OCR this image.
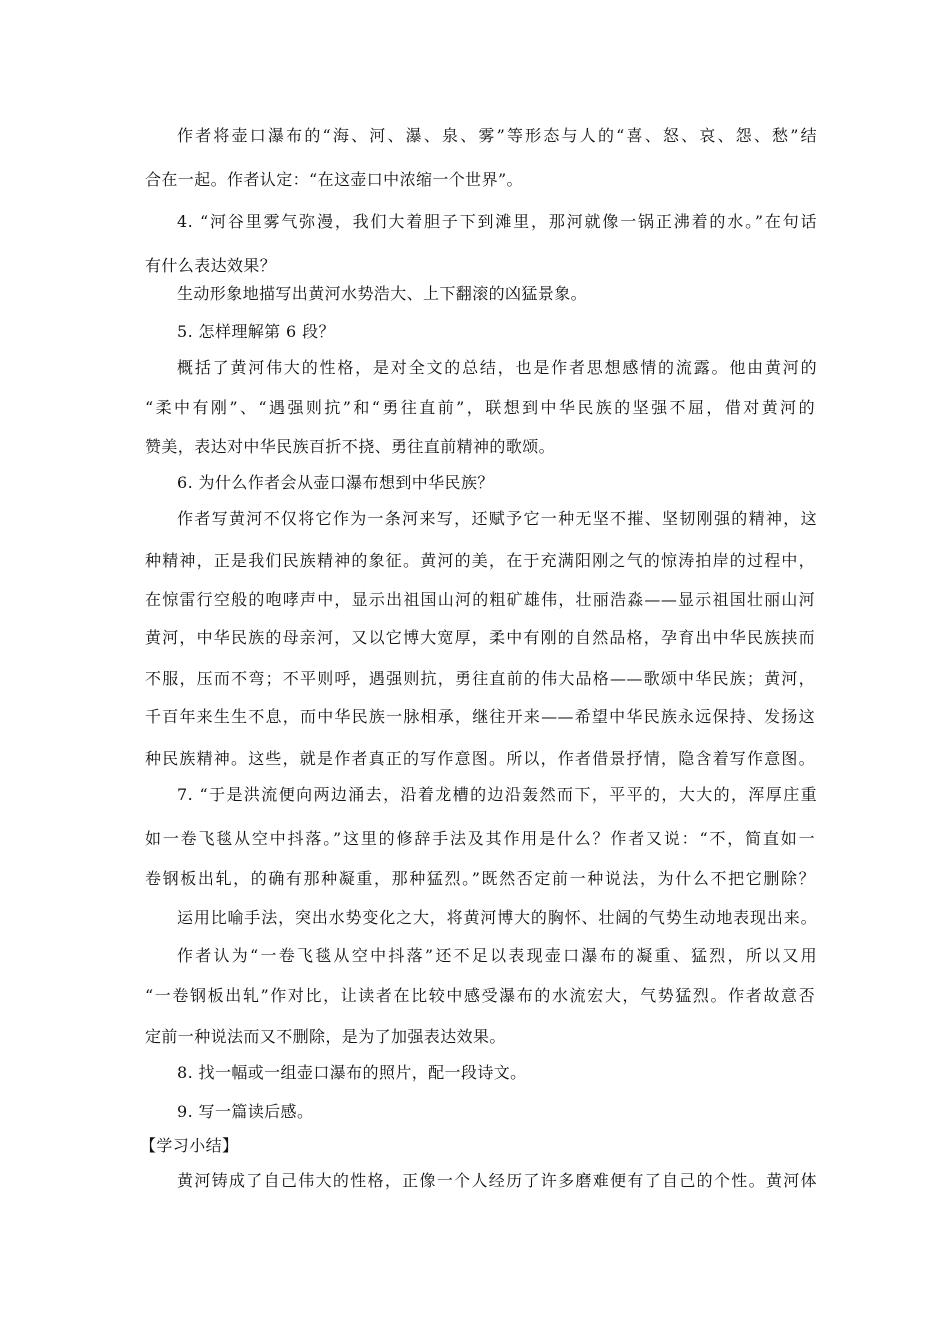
作者将壶口瀑布的“海、河、瀑、泉、雾”等形态与人的“喜、怒、哀、怨、愁”结
合在一起。作者认定：“在这壶口中浓缩一个世界”。
4. “河谷里雾气弥漫，我们大着胆子下到滩里，那河就像一锅正沸着的水。”在句话
有什么表达效果？
生动形象地描写出黄河水势浩大、上下翻滚的凶猛景象。
5. 怎样理解第 6 段？
概括了黄河伟大的性格，是对全文的总结，也是作者思想感情的流露。他由黄河的
“柔中有刚”、“遇强则抗”和“勇往直前”，联想到中华民族的坚强不屈，借对黄河的
赞美，表达对中华民族百折不挠、勇往直前精神的歌颂。
6. 为什么作者会从壶口瀑布想到中华民族？
作者写黄河不仅将它作为一条河来写，还赋予它一种无坚不摧、坚韧刚强的精神，这
种精神，正是我们民族精神的象征。黄河的美，在于充满阳刚之气的惊涛拍岸的过程中，
在惊雷行空般的咆哮声中，显示出祖国山河的粗矿雄伟，壮丽浩淼——显示祖国壮丽山河
黄河，中华民族的母亲河，又以它博大宽厚，柔中有刚的自然品格，孕育出中华民族挟而
不服，压而不弯；不平则呼，遇强则抗，勇往直前的伟大品格——歌颂中华民族；黄河，
千百年来生生不息，而中华民族一脉相承，继往开来——希望中华民族永远保持、发扬这
种民族精神。这些，就是作者真正的写作意图。所以，作者借景抒情，隐含着写作意图。
7. “于是洪流便向两边涌去，沿着龙槽的边沿轰然而下，平平的，大大的，浑厚庄重
如一卷飞毯从空中抖落。”这里的修辞手法及其作用是什么？作者又说：“不，简直如一
卷钢板出轧，的确有那种凝重，那种猛烈。”既然否定前一种说法，为什么不把它删除？
运用比喻手法，突出水势变化之大，将黄河博大的胸怀、壮阔的气势生动地表现出来。
作者认为“一卷飞毯从空中抖落”还不足以表现壶口瀑布的凝重、猛烈，所以又用
“一卷钢板出轧”作对比，让读者在比较中感受瀑布的水流宏大，气势猛烈。作者故意否
定前一种说法而又不删除，是为了加强表达效果。
8. 找一幅或一组壶口瀑布的照片，配一段诗文。
9. 写一篇读后感。
【学习小结】
黄河铸成了自己伟大的性格，正像一个人经历了许多磨难便有了自己的个性。黄河体
